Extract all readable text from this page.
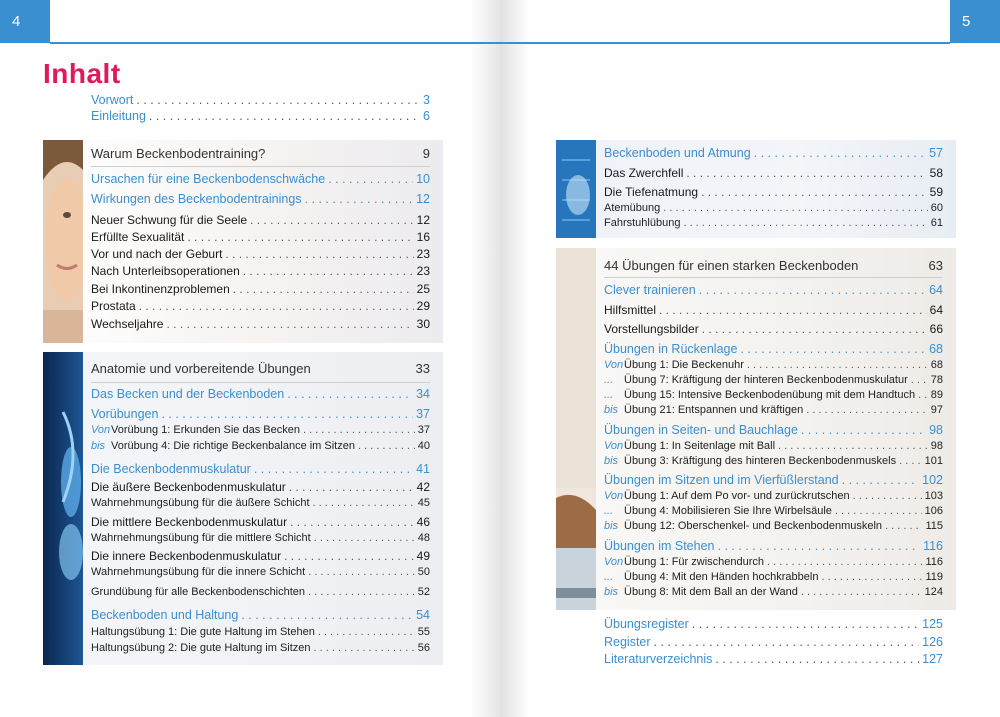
4
Inhalt
Vorwort . . .	3
Einleitung . . .	6
Warum Beckenbodentraining?	9
Ursachen für eine Beckenbodenschwäche . . .	10
Wirkungen des Beckenbodentrainings . . .	12
Neuer Schwung für die Seele . . .	12
Erfüllte Sexualität . . .	16
Vor und nach der Geburt . . .	23
Nach Unterleibsoperationen . . .	23
Bei Inkontinenzproblemen . . .	25
Prostata . . .	29
Wechseljahre . . .	30
Anatomie und vorbereitende Übungen	33
Das Becken und der Beckenboden . . .	34
Vorübungen . . .	37
VonVorübung 1: Erkunden Sie das Becken . . .	37
bis Vorübung 4: Die richtige Beckenbalance im Sitzen . . .	40
Die Beckenbodenmuskulatur . . .	41
Die äußere Beckenbodenmuskulatur . . .	42
Wahrnehmungsübung für die äußere Schicht . . .	45
Die mittlere Beckenbodenmuskulatur . . .	46
Wahrnehmungsübung für die mittlere Schicht . . .	48
Die innere Beckenbodenmuskulatur . . .	49
Wahrnehmungsübung für die innere Schicht . . .	50
Grundübung für alle Beckenbodenschichten . . .	52
Beckenboden und Haltung . . .	54
Haltungsübung 1: Die gute Haltung im Stehen . . .	55
Haltungsübung 2: Die gute Haltung im Sitzen . . .	56
5
Beckenboden und Atmung . . .	57
Das Zwerchfell . . .	58
Die Tiefenatmung . . .	59
Atemübung . . .	60
Fahrstuhlübung . . .	61
44 Übungen für einen starken Beckenboden	63
Clever trainieren . . .	64
Hilfsmittel . . .	64
Vorstellungsbilder . . .	66
Übungen in Rückenlage . . .	68
VonÜbung 1: Die Beckenuhr . . .	68
... Übung 7: Kräftigung der hinteren Beckenbodenmuskulatur . . . 78
... Übung 15: Intensive Beckenbodenübung mit dem Handtuch . . . 89
bis Übung 21: Entspannen und kräftigen . . .	97
Übungen in Seiten- und Bauchlage . . .	98
VonÜbung 1: In Seitenlage mit Ball . . .	98
bis Übung 3: Kräftigung des hinteren Beckenbodenmuskels . . .	101
Übungen im Sitzen und im Vierfüßlerstand . . .	102
VonÜbung 1: Auf dem Po vor- und zurückrutschen . . .	103
... Übung 4: Mobilisieren Sie Ihre Wirbelsäule . . .	106
bis Übung 12: Oberschenkel- und Beckenbodenmuskeln . . .	115
Übungen im Stehen . . .	116
VonÜbung 1: Für zwischendurch . . .	116
... Übung 4: Mit den Händen hochkrabbeln . . .	119
bis Übung 8: Mit dem Ball an der Wand . . .	124
Übungsregister . . .	125
Register . . .	126
Literaturverzeichnis . . .	127
